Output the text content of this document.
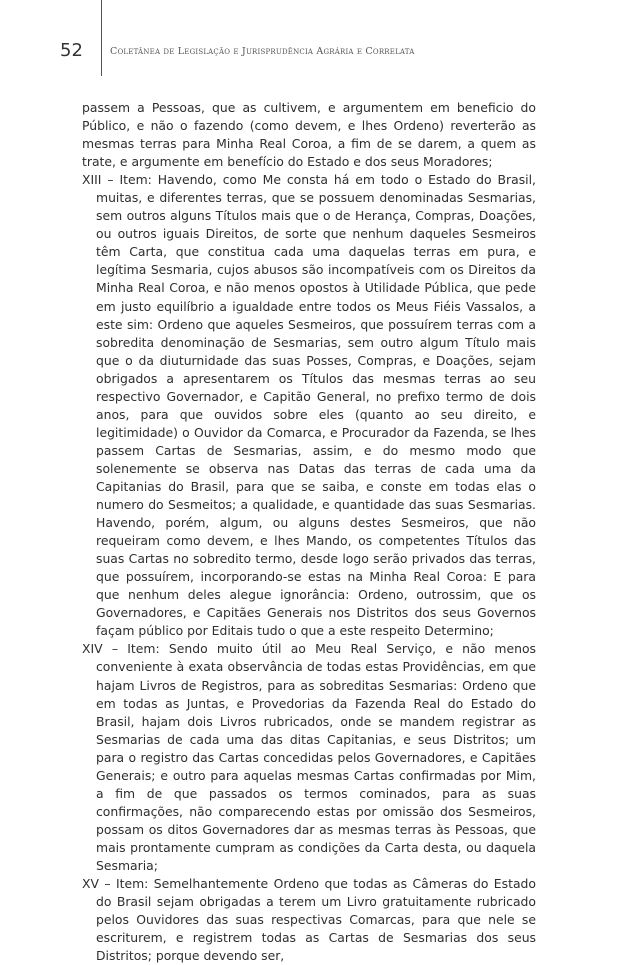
52	Coletânea de Legislação e Jurisprudência Agrária e Correlata

passem a Pessoas, que as cultivem, e argumentem em beneficio do Público, e não o fazendo (como devem, e lhes Ordeno) reverterão as mesmas terras para Minha Real Coroa, a fim de se darem, a quem as trate, e argumente em benefício do Estado e dos seus Moradores;

XIII – Item: Havendo, como Me consta há em todo o Estado do Brasil, muitas, e diferentes terras, que se possuem denominadas Sesmarias, sem outros alguns Títulos mais que o de Herança, Compras, Doações, ou outros iguais Direitos, de sorte que nenhum daqueles Sesmeiros têm Carta, que constitua cada uma daquelas terras em pura, e legítima Sesmaria, cujos abusos são incompatíveis com os Direitos da Minha Real Coroa, e não menos opostos à Utilidade Pública, que pede em justo equilíbrio a igualdade entre todos os Meus Fiéis Vassalos, a este sim: Ordeno que aqueles Sesmeiros, que possuírem terras com a sobredita denominação de Sesmarias, sem outro algum Título mais que o da diuturnidade das suas Posses, Compras, e Doações, sejam obrigados a apresentarem os Títulos das mesmas terras ao seu respectivo Governador, e Capitão General, no prefixo termo de dois anos, para que ouvidos sobre eles (quanto ao seu direito, e legitimidade) o Ouvidor da Comarca, e Procurador da Fazenda, se lhes passem Cartas de Sesmarias, assim, e do mesmo modo que solenemente se observa nas Datas das terras de cada uma da Capitanias do Brasil, para que se saiba, e conste em todas elas o numero do Sesmeitos; a qualidade, e quantidade das suas Sesmarias. Havendo, porém, algum, ou alguns destes Sesmeiros, que não requeiram como devem, e lhes Mando, os competentes Títulos das suas Cartas no sobredito termo, desde logo serão privados das terras, que possuírem, incorporando-se estas na Minha Real Coroa: E para que nenhum deles alegue ignorância: Ordeno, outrossim, que os Governadores, e Capitães Generais nos Distritos dos seus Governos façam público por Editais tudo o que a este respeito Determino;

XIV – Item: Sendo muito útil ao Meu Real Serviço, e não menos conveniente à exata observância de todas estas Providências, em que hajam Livros de Registros, para as sobreditas Sesmarias: Ordeno que em todas as Juntas, e Provedorias da Fazenda Real do Estado do Brasil, hajam dois Livros rubricados, onde se mandem registrar as Sesmarias de cada uma das ditas Capitanias, e seus Distritos; um para o registro das Cartas concedidas pelos Governadores, e Capitães Generais; e outro para aquelas mesmas Cartas confirmadas por Mim, a fim de que passados os termos cominados, para as suas confirmações, não comparecendo estas por omissão dos Sesmeiros, possam os ditos Governadores dar as mesmas terras às Pessoas, que mais prontamente cumpram as condições da Carta desta, ou daquela Sesmaria;

XV – Item: Semelhantemente Ordeno que todas as Câmeras do Estado do Brasil sejam obrigadas a terem um Livro gratuitamente rubricado pelos Ouvidores das suas respectivas Comarcas, para que nele se escriturem, e registrem todas as Cartas de Sesmarias dos seus Distritos; porque devendo ser,
